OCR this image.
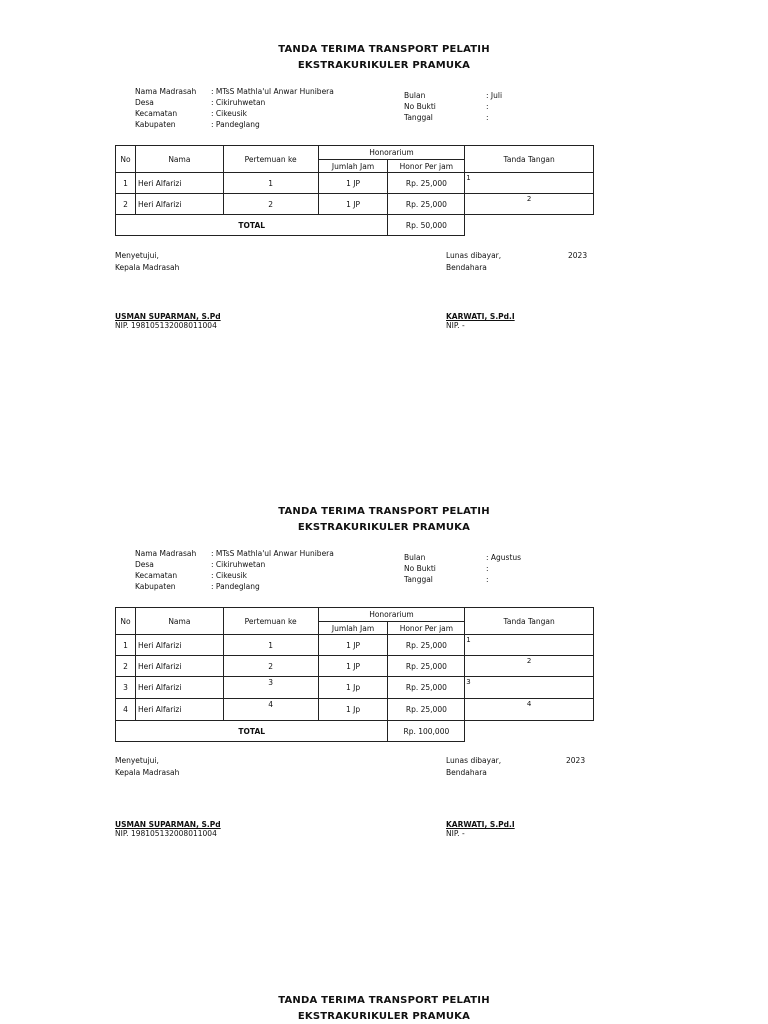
TANDA TERIMA TRANSPORT PELATIH
EKSTRAKURIKULER PRAMUKA
Nama Madrasah : MTsS Mathla'ul Anwar Hunibera
Desa	: Cikiruhwetan
Kecamatan	: Cikeusik
Kabupaten	: Pandeglang
Bulan	: Juli
No Bukti	:
Tanggal	:
No	Nama	Pertemuan ke	Honorarium		Tanda Tangan
			Jumlah Jam	Honor Per jam	
1	Heri Alfarizi	1	1 JP	Rp. 25,000	1

2	Heri Alfarizi	2	1 JP	Rp. 25,000	2

TOTAL				Rp. 50,000	
Menyetujui,
Kepala Madrasah
Lunas dibayar,
Bendahara
2023
USMAN SUPARMAN, S.Pd
NIP. 198105132008011004
KARWATI, S.Pd.I
NIP. -
TANDA TERIMA TRANSPORT PELATIH
EKSTRAKURIKULER PRAMUKA
Nama Madrasah : MTsS Mathla'ul Anwar Hunibera
Desa	: Cikiruhwetan
Kecamatan	: Cikeusik
Kabupaten	: Pandeglang
Bulan	: Agustus
No Bukti	:
Tanggal	:
No	Nama	Pertemuan ke	Honorarium		Tanda Tangan
			Jumlah Jam	Honor Per jam	
1	Heri Alfarizi	1	1 JP	Rp. 25,000	1

2	Heri Alfarizi	2	1 JP	Rp. 25,000	2

3	Heri Alfarizi	3	1 Jp	Rp. 25,000	3

4	Heri Alfarizi	4	1 Jp	Rp. 25,000	4

TOTAL				Rp. 100,000	
Menyetujui,
Kepala Madrasah
Lunas dibayar,
Bendahara
2023
USMAN SUPARMAN, S.Pd
NIP. 198105132008011004
KARWATI, S.Pd.I
NIP. -
TANDA TERIMA TRANSPORT PELATIH
EKSTRAKURIKULER PRAMUKA
